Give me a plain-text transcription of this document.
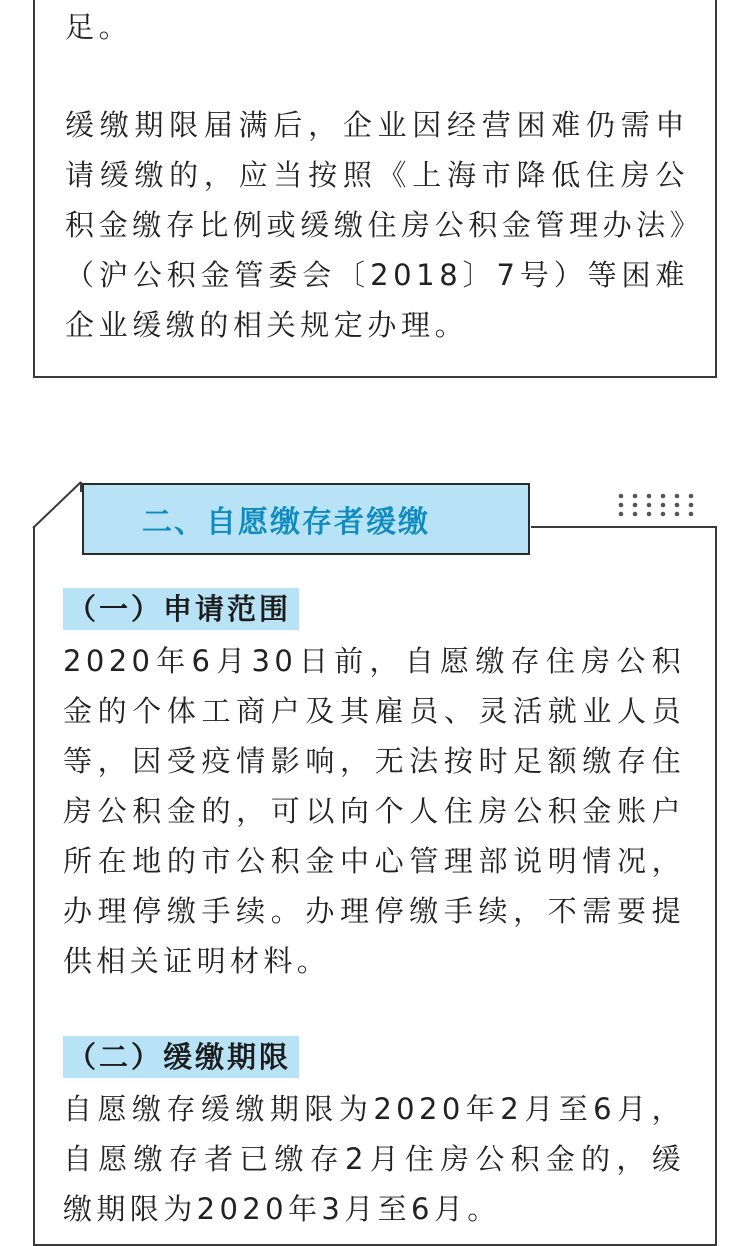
足。

缓缴期限届满后，企业因经营困难仍需申请缓缴的，应当按照《上海市降低住房公积金缴存比例或缓缴住房公积金管理办法》（沪公积金管委会〔2018〕7号）等困难企业缓缴的相关规定办理。

二、自愿缴存者缓缴
（一）申请范围

2020年6月30日前，自愿缴存住房公积金的个体工商户及其雇员、灵活就业人员等，因受疫情影响，无法按时足额缴存住房公积金的，可以向个人住房公积金账户所在地的市公积金中心管理部说明情况，办理停缴手续。办理停缴手续，不需要提供相关证明材料。

（二）缓缴期限

自愿缴存缓缴期限为2020年2月至6月，自愿缴存者已缴存2月住房公积金的，缓缴期限为2020年3月至6月。
